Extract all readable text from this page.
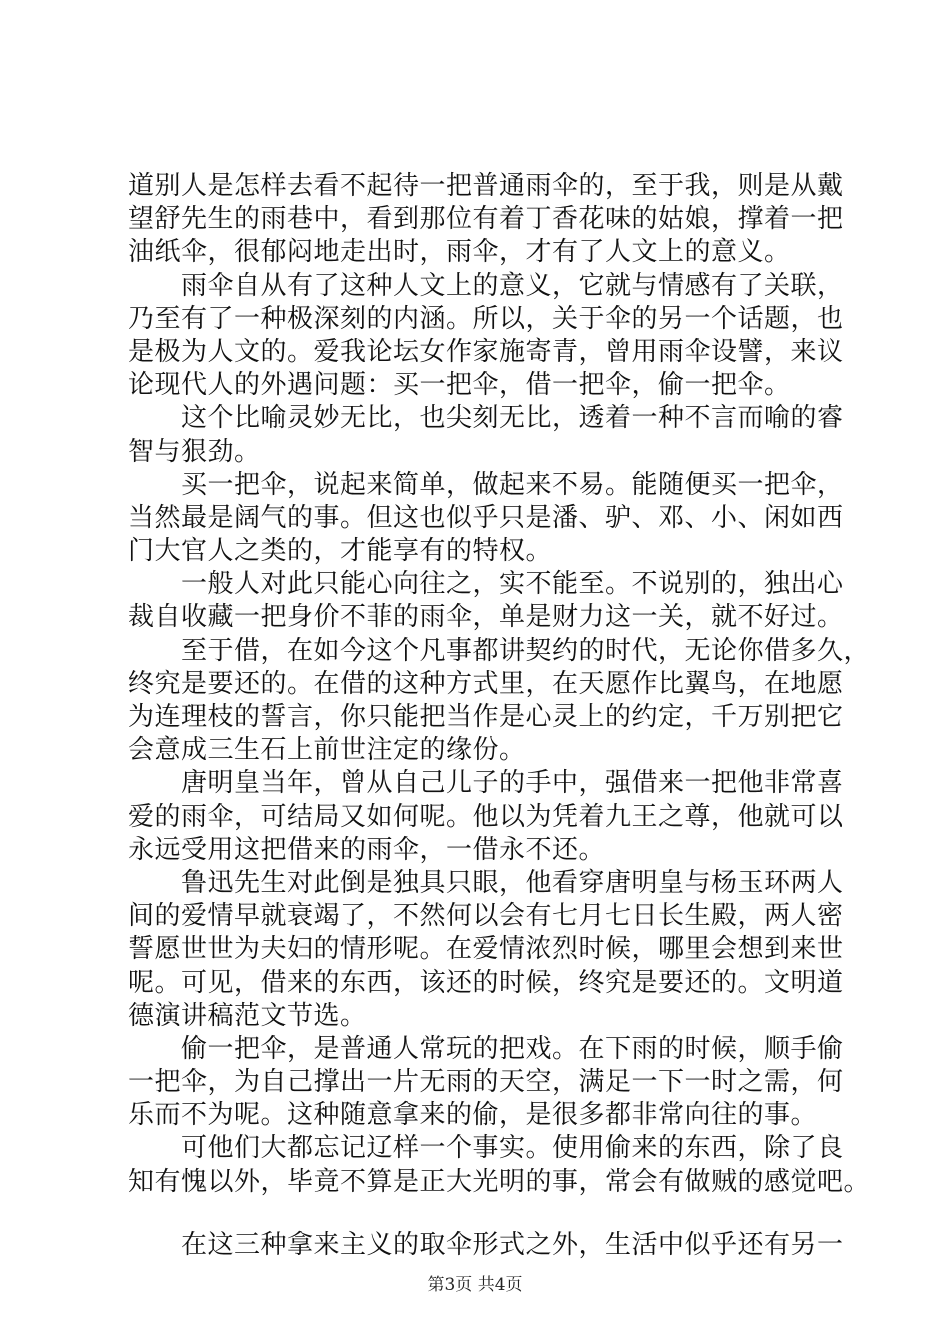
道别人是怎样去看不起待一把普通雨伞的，至于我，则是从戴
望舒先生的雨巷中，看到那位有着丁香花味的姑娘，撑着一把
油纸伞，很郁闷地走出时，雨伞，才有了人文上的意义。
雨伞自从有了这种人文上的意义，它就与情感有了关联，
乃至有了一种极深刻的内涵。所以，关于伞的另一个话题，也
是极为人文的。爱我论坛女作家施寄青，曾用雨伞设譬，来议
论现代人的外遇问题：买一把伞，借一把伞，偷一把伞。
这个比喻灵妙无比，也尖刻无比，透着一种不言而喻的睿
智与狠劲。
买一把伞，说起来简单，做起来不易。能随便买一把伞，
当然最是阔气的事。但这也似乎只是潘、驴、邓、小、闲如西
门大官人之类的，才能享有的特权。
一般人对此只能心向往之，实不能至。不说别的，独出心
裁自收藏一把身价不菲的雨伞，单是财力这一关，就不好过。
至于借，在如今这个凡事都讲契约的时代，无论你借多久，
终究是要还的。在借的这种方式里，在天愿作比翼鸟，在地愿
为连理枝的誓言，你只能把当作是心灵上的约定，千万别把它
会意成三生石上前世注定的缘份。
唐明皇当年，曾从自己儿子的手中，强借来一把他非常喜
爱的雨伞，可结局又如何呢。他以为凭着九王之尊，他就可以
永远受用这把借来的雨伞，一借永不还。
鲁迅先生对此倒是独具只眼，他看穿唐明皇与杨玉环两人
间的爱情早就衰竭了，不然何以会有七月七日长生殿，两人密
誓愿世世为夫妇的情形呢。在爱情浓烈时候，哪里会想到来世
呢。可见，借来的东西，该还的时候，终究是要还的。文明道
德演讲稿范文节选。
偷一把伞，是普通人常玩的把戏。在下雨的时候，顺手偷
一把伞，为自己撑出一片无雨的天空，满足一下一时之需，何
乐而不为呢。这种随意拿来的偷，是很多都非常向往的事。
可他们大都忘记辽样一个事实。使用偷来的东西，除了良
知有愧以外，毕竟不算是正大光明的事，常会有做贼的感觉吧。
在这三种拿来主义的取伞形式之外，生活中似乎还有另一
第3页 共4页
